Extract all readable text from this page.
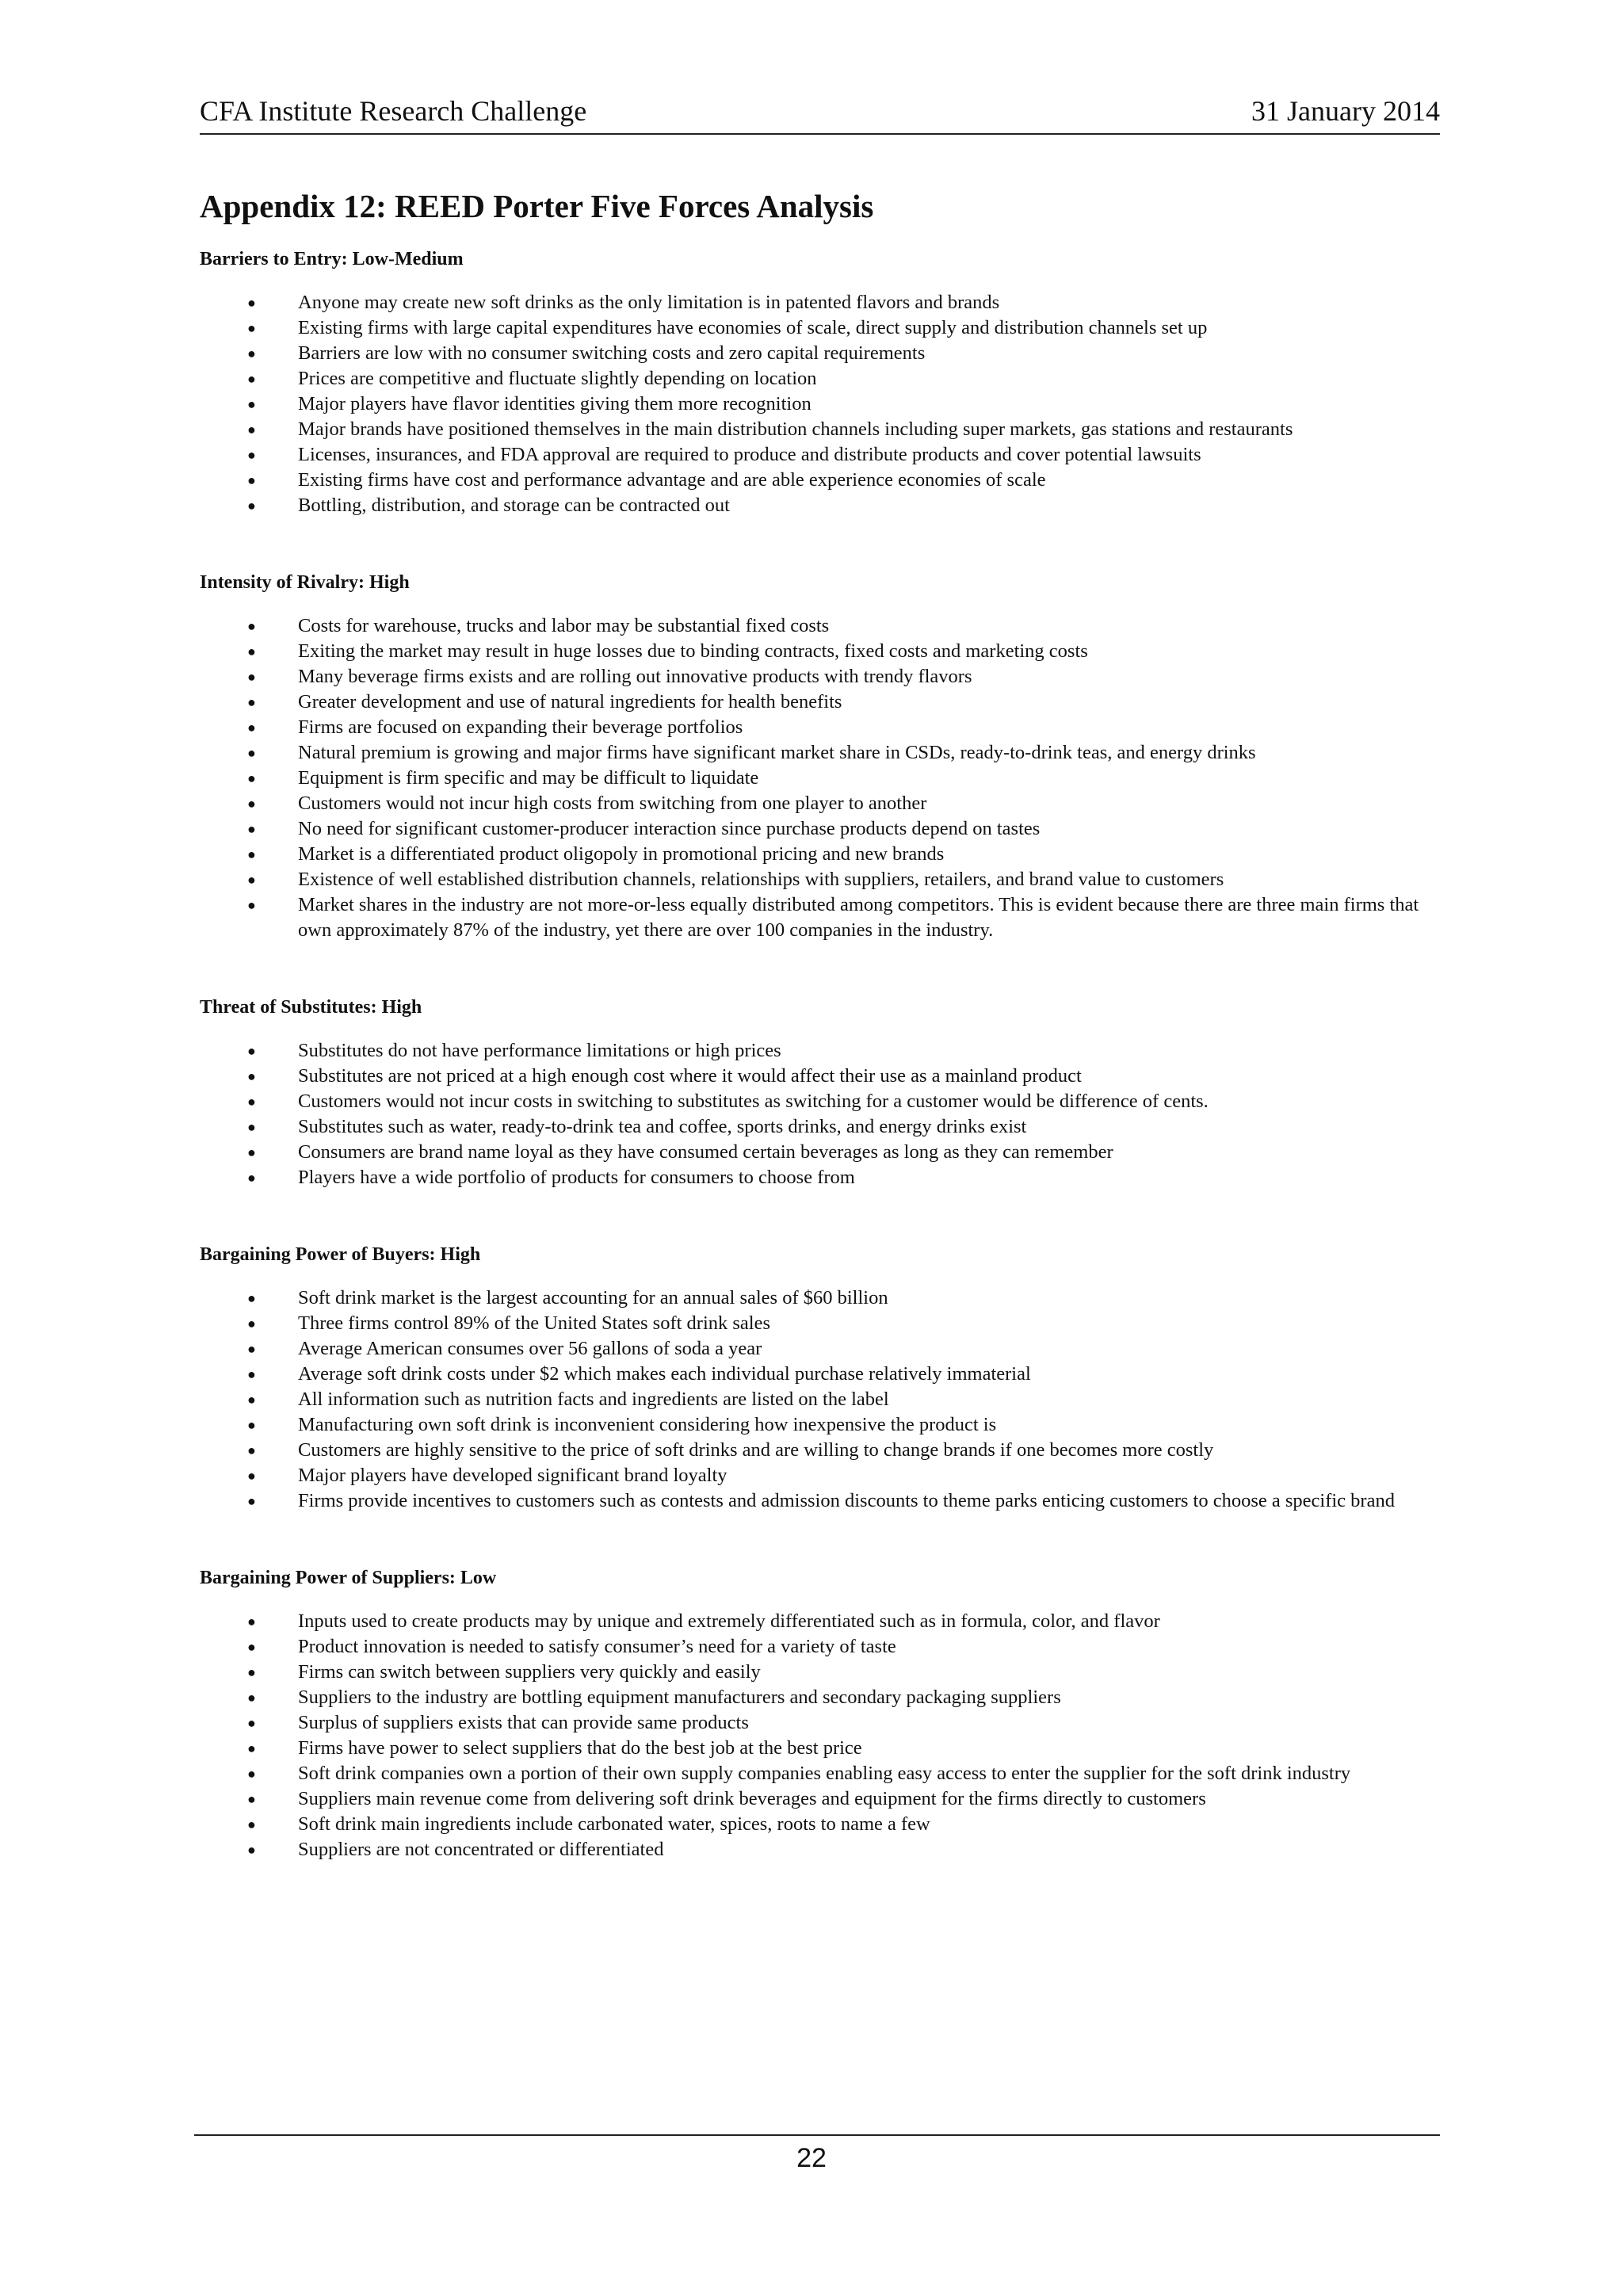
CFA Institute Research Challenge	31 January 2014
Appendix 12: REED Porter Five Forces Analysis
Barriers to Entry: Low-Medium
● Anyone may create new soft drinks as the only limitation is in patented flavors and brands
● Existing firms with large capital expenditures have economies of scale, direct supply and distribution channels set up
● Barriers are low with no consumer switching costs and zero capital requirements
● Prices are competitive and fluctuate slightly depending on location
● Major players have flavor identities giving them more recognition
● Major brands have positioned themselves in the main distribution channels including super markets, gas stations and restaurants
● Licenses, insurances, and FDA approval are required to produce and distribute products and cover potential lawsuits
● Existing firms have cost and performance advantage and are able experience economies of scale
● Bottling, distribution, and storage can be contracted out
Intensity of Rivalry: High
● Costs for warehouse, trucks and labor may be substantial fixed costs
● Exiting the market may result in huge losses due to binding contracts, fixed costs and marketing costs
● Many beverage firms exists and are rolling out innovative products with trendy flavors
● Greater development and use of natural ingredients for health benefits
● Firms are focused on expanding their beverage portfolios
● Natural premium is growing and major firms have significant market share in CSDs, ready-to-drink teas, and energy drinks
● Equipment is firm specific and may be difficult to liquidate
● Customers would not incur high costs from switching from one player to another
● No need for significant customer-producer interaction since purchase products depend on tastes
● Market is a differentiated product oligopoly in promotional pricing and new brands
● Existence of well established distribution channels, relationships with suppliers, retailers, and brand value to customers
● Market shares in the industry are not more-or-less equally distributed among competitors. This is evident because there are three main firms that own approximately 87% of the industry, yet there are over 100 companies in the industry.
Threat of Substitutes: High
● Substitutes do not have performance limitations or high prices
● Substitutes are not priced at a high enough cost where it would affect their use as a mainland product
● Customers would not incur costs in switching to substitutes as switching for a customer would be difference of cents.
● Substitutes such as water, ready-to-drink tea and coffee, sports drinks, and energy drinks exist
● Consumers are brand name loyal as they have consumed certain beverages as long as they can remember
● Players have a wide portfolio of products for consumers to choose from
Bargaining Power of Buyers: High
● Soft drink market is the largest accounting for an annual sales of $60 billion
● Three firms control 89% of the United States soft drink sales
● Average American consumes over 56 gallons of soda a year
● Average soft drink costs under $2 which makes each individual purchase relatively immaterial
● All information such as nutrition facts and ingredients are listed on the label
● Manufacturing own soft drink is inconvenient considering how inexpensive the product is
● Customers are highly sensitive to the price of soft drinks and are willing to change brands if one becomes more costly
● Major players have developed significant brand loyalty
● Firms provide incentives to customers such as contests and admission discounts to theme parks enticing customers to choose a specific brand
Bargaining Power of Suppliers: Low
● Inputs used to create products may by unique and extremely differentiated such as in formula, color, and flavor
● Product innovation is needed to satisfy consumer’s need for a variety of taste
● Firms can switch between suppliers very quickly and easily
● Suppliers to the industry are bottling equipment manufacturers and secondary packaging suppliers
● Surplus of suppliers exists that can provide same products
● Firms have power to select suppliers that do the best job at the best price
● Soft drink companies own a portion of their own supply companies enabling easy access to enter the supplier for the soft drink industry
● Suppliers main revenue come from delivering soft drink beverages and equipment for the firms directly to customers
● Soft drink main ingredients include carbonated water, spices, roots to name a few
● Suppliers are not concentrated or differentiated
22
